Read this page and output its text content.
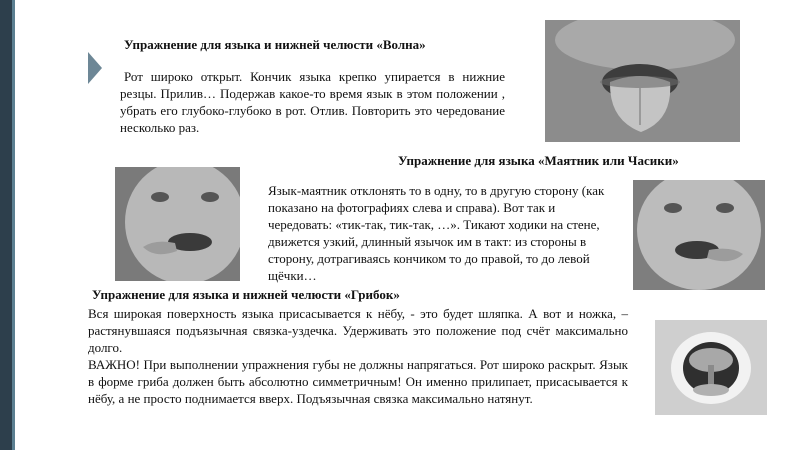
Упражнение для языка и нижней челюсти «Волна»

Рот широко открыт. Кончик языка крепко упирается в нижние резцы. Прилив… Подержав какое-то время язык в этом положении , убрать его глубоко-глубоко в рот. Отлив. Повторить это чередование несколько раз.

Упражнение для языка «Маятник или Часики»

Язык-маятник отклонять то в одну, то в другую сторону (как показано на фотографиях слева и справа). Вот так и чередовать: «тик-так, тик-так, …». Тикают ходики на стене, движется узкий, длинный язычок им в такт: из стороны в сторону, дотрагиваясь кончиком то до правой, то до левой щёчки…

Упражнение для языка и нижней челюсти «Грибок»

Вся широкая поверхность языка присасывается к нёбу, - это будет шляпка. А вот и ножка, – растянувшаяся подъязычная связка-уздечка. Удерживать это положение под счёт максимально долго.

ВАЖНО! При выполнении упражнения губы не должны напрягаться. Рот широко раскрыт. Язык в форме гриба должен быть абсолютно симметричным! Он именно прилипает, присасывается к нёбу, а не просто поднимается вверх. Подъязычная связка максимально натянут.
